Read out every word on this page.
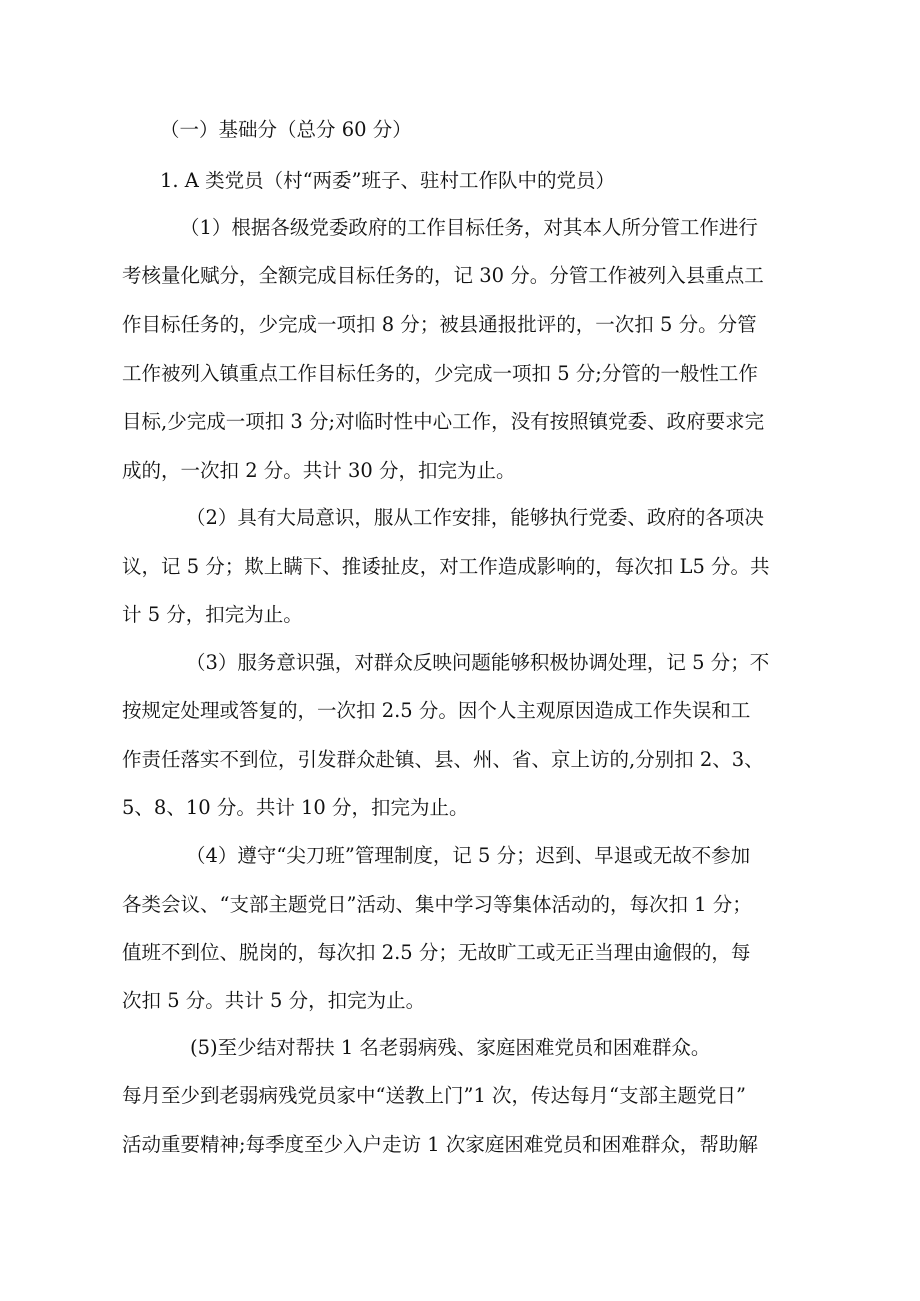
（一）基础分（总分 60 分）
1. A 类党员（村“两委”班子、驻村工作队中的党员）
（1）根据各级党委政府的工作目标任务，对其本人所分管工作进行
考核量化赋分，全额完成目标任务的，记 30 分。分管工作被列入县重点工
作目标任务的，少完成一项扣 8 分；被县通报批评的，一次扣 5 分。分管
工作被列入镇重点工作目标任务的，少完成一项扣 5 分;分管的一般性工作
目标,少完成一项扣 3 分;对临时性中心工作，没有按照镇党委、政府要求完
成的，一次扣 2 分。共计 30 分，扣完为止。
（2）具有大局意识，服从工作安排，能够执行党委、政府的各项决
议，记 5 分；欺上瞒下、推诿扯皮，对工作造成影响的，每次扣 L5 分。共
计 5 分，扣完为止。
（3）服务意识强，对群众反映问题能够积极协调处理，记 5 分；不
按规定处理或答复的，一次扣 2.5 分。因个人主观原因造成工作失误和工
作责任落实不到位，引发群众赴镇、县、州、省、京上访的,分别扣 2、3、
5、8、10 分。共计 10 分，扣完为止。
（4）遵守“尖刀班”管理制度，记 5 分；迟到、早退或无故不参加
各类会议、“支部主题党日”活动、集中学习等集体活动的，每次扣 1 分；
值班不到位、脱岗的，每次扣 2.5 分；无故旷工或无正当理由逾假的，每
次扣 5 分。共计 5 分，扣完为止。
(5)至少结对帮扶 1 名老弱病残、家庭困难党员和困难群众。
每月至少到老弱病残党员家中“送教上门”1 次，传达每月“支部主题党日”
活动重要精神;每季度至少入户走访 1 次家庭困难党员和困难群众，帮助解
